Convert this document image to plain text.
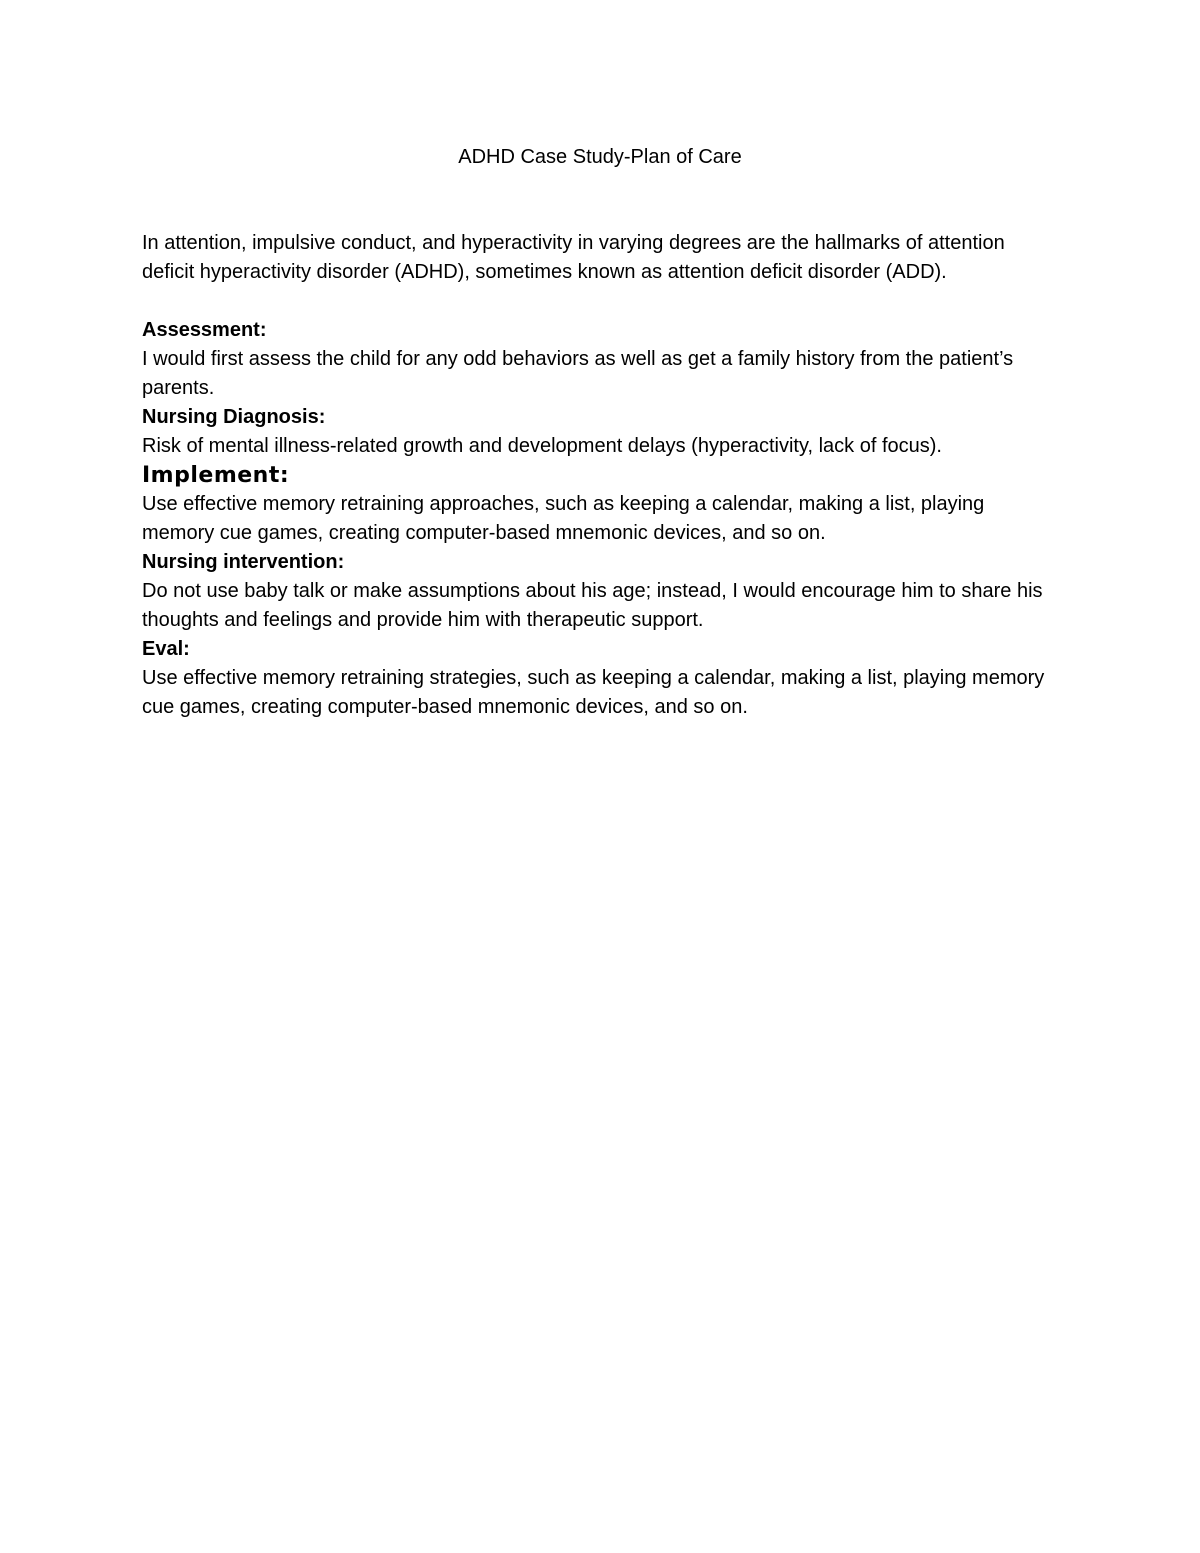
ADHD Case Study-Plan of Care

In attention, impulsive conduct, and hyperactivity in varying degrees are the hallmarks of attention deficit hyperactivity disorder (ADHD), sometimes known as attention deficit disorder (ADD).

Assessment:

I would first assess the child for any odd behaviors as well as get a family history from the patient’s parents.

Nursing Diagnosis:

Risk of mental illness-related growth and development delays (hyperactivity, lack of focus).

Implement:

Use effective memory retraining approaches, such as keeping a calendar, making a list, playing memory cue games, creating computer-based mnemonic devices, and so on.

Nursing intervention:

Do not use baby talk or make assumptions about his age; instead, I would encourage him to share his thoughts and feelings and provide him with therapeutic support.

Eval:

Use effective memory retraining strategies, such as keeping a calendar, making a list, playing memory cue games, creating computer-based mnemonic devices, and so on.
